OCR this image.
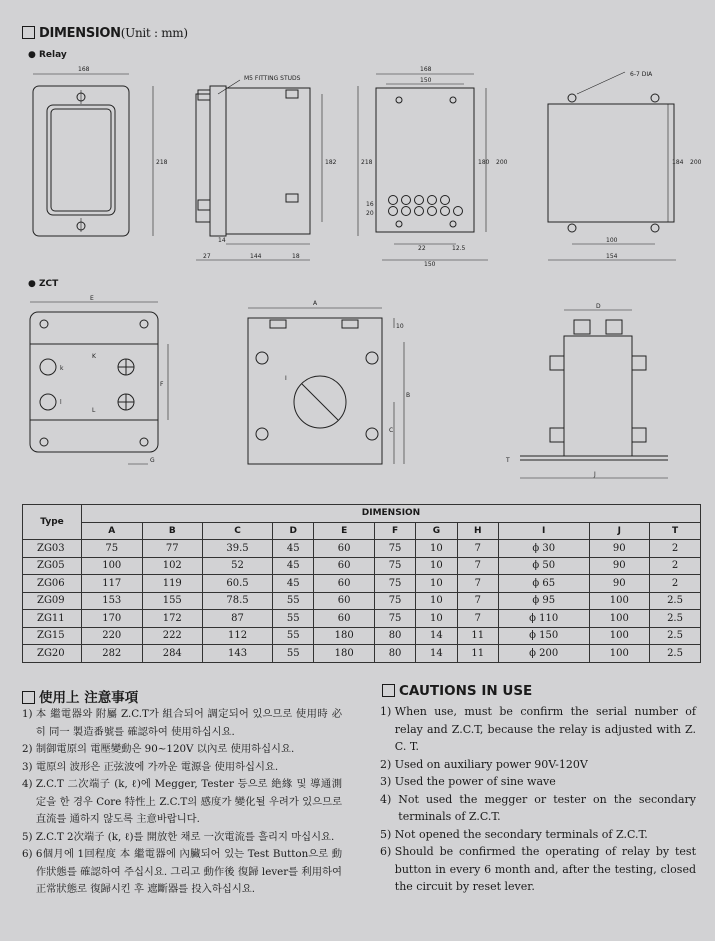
DIMENSION(Unit : mm)
● Relay
168
218
M5 FITTING STUDS
182	218
14
27	144	18
168
150
180 200
16
20
22	12.5
150
6-7 DIA
100
154
184 200
● ZCT
E
F
G
K
L
k
l
A
B
C
10
I
D
J
T
Type	DIMENSION										
	A	B	C	D	E	F	G	H	I	J	T
ZG03	75	77	39.5	45	60	75	10	7	ϕ 30	90	2
ZG05	100	102	52	45	60	75	10	7	ϕ 50	90	2
ZG06	117	119	60.5	45	60	75	10	7	ϕ 65	90	2
ZG09	153	155	78.5	55	60	75	10	7	ϕ 95	100	2.5
ZG11	170	172	87	55	60	75	10	7	ϕ 110	100	2.5
ZG15	220	222	112	55	180	80	14	11	ϕ 150	100	2.5
ZG20	282	284	143	55	180	80	14	11	ϕ 200	100	2.5
使用上 注意事項
1) 本 繼電器와 附屬 Z.C.T가 組合되어 調定되어 있으므로 使用時 必히 同一 製造番號를 確認하여 使用하십시요.
2) 制御電原의 電壓變動은 90∼120V 以內로 使用하십시요.
3) 電原의 波形은 正弦波에 가까운 電源을 使用하십시요.
4) Z.C.T 二次端子 (k, ℓ)에 Megger, Tester 등으로 絶緣 및 導通測定을 한 경우 Core 特性上 Z.C.T의 感度가 變化될 우려가 있으므로 直流를 通하지 않도록 主意바랍니다.
5) Z.C.T 2次端子 (k, ℓ)를 開放한 채로 一次電流를 흘리지 마십시요.
6) 6個月에 1回程度 本 繼電器에 內臟되어 있는 Test Button으로 動作狀態를 確認하여 주십시요. 그리고 動作後 復歸 lever를 利用하여 正常狀態로 復歸시킨 후 遮斷器를 投入하십시요.
CAUTIONS IN USE
1) When use, must be confirm the serial number of relay and Z.C.T, because the relay is adjusted with Z. C. T.
2) Used on auxiliary power 90V-120V
3) Used the power of sine wave
4) Not used the megger or tester on the secondary terminals of Z.C.T.
5) Not opened the secondary terminals of Z.C.T.
6) Should be confirmed the operating of relay by test button in every 6 month and, after the testing, closed the circuit by reset lever.
